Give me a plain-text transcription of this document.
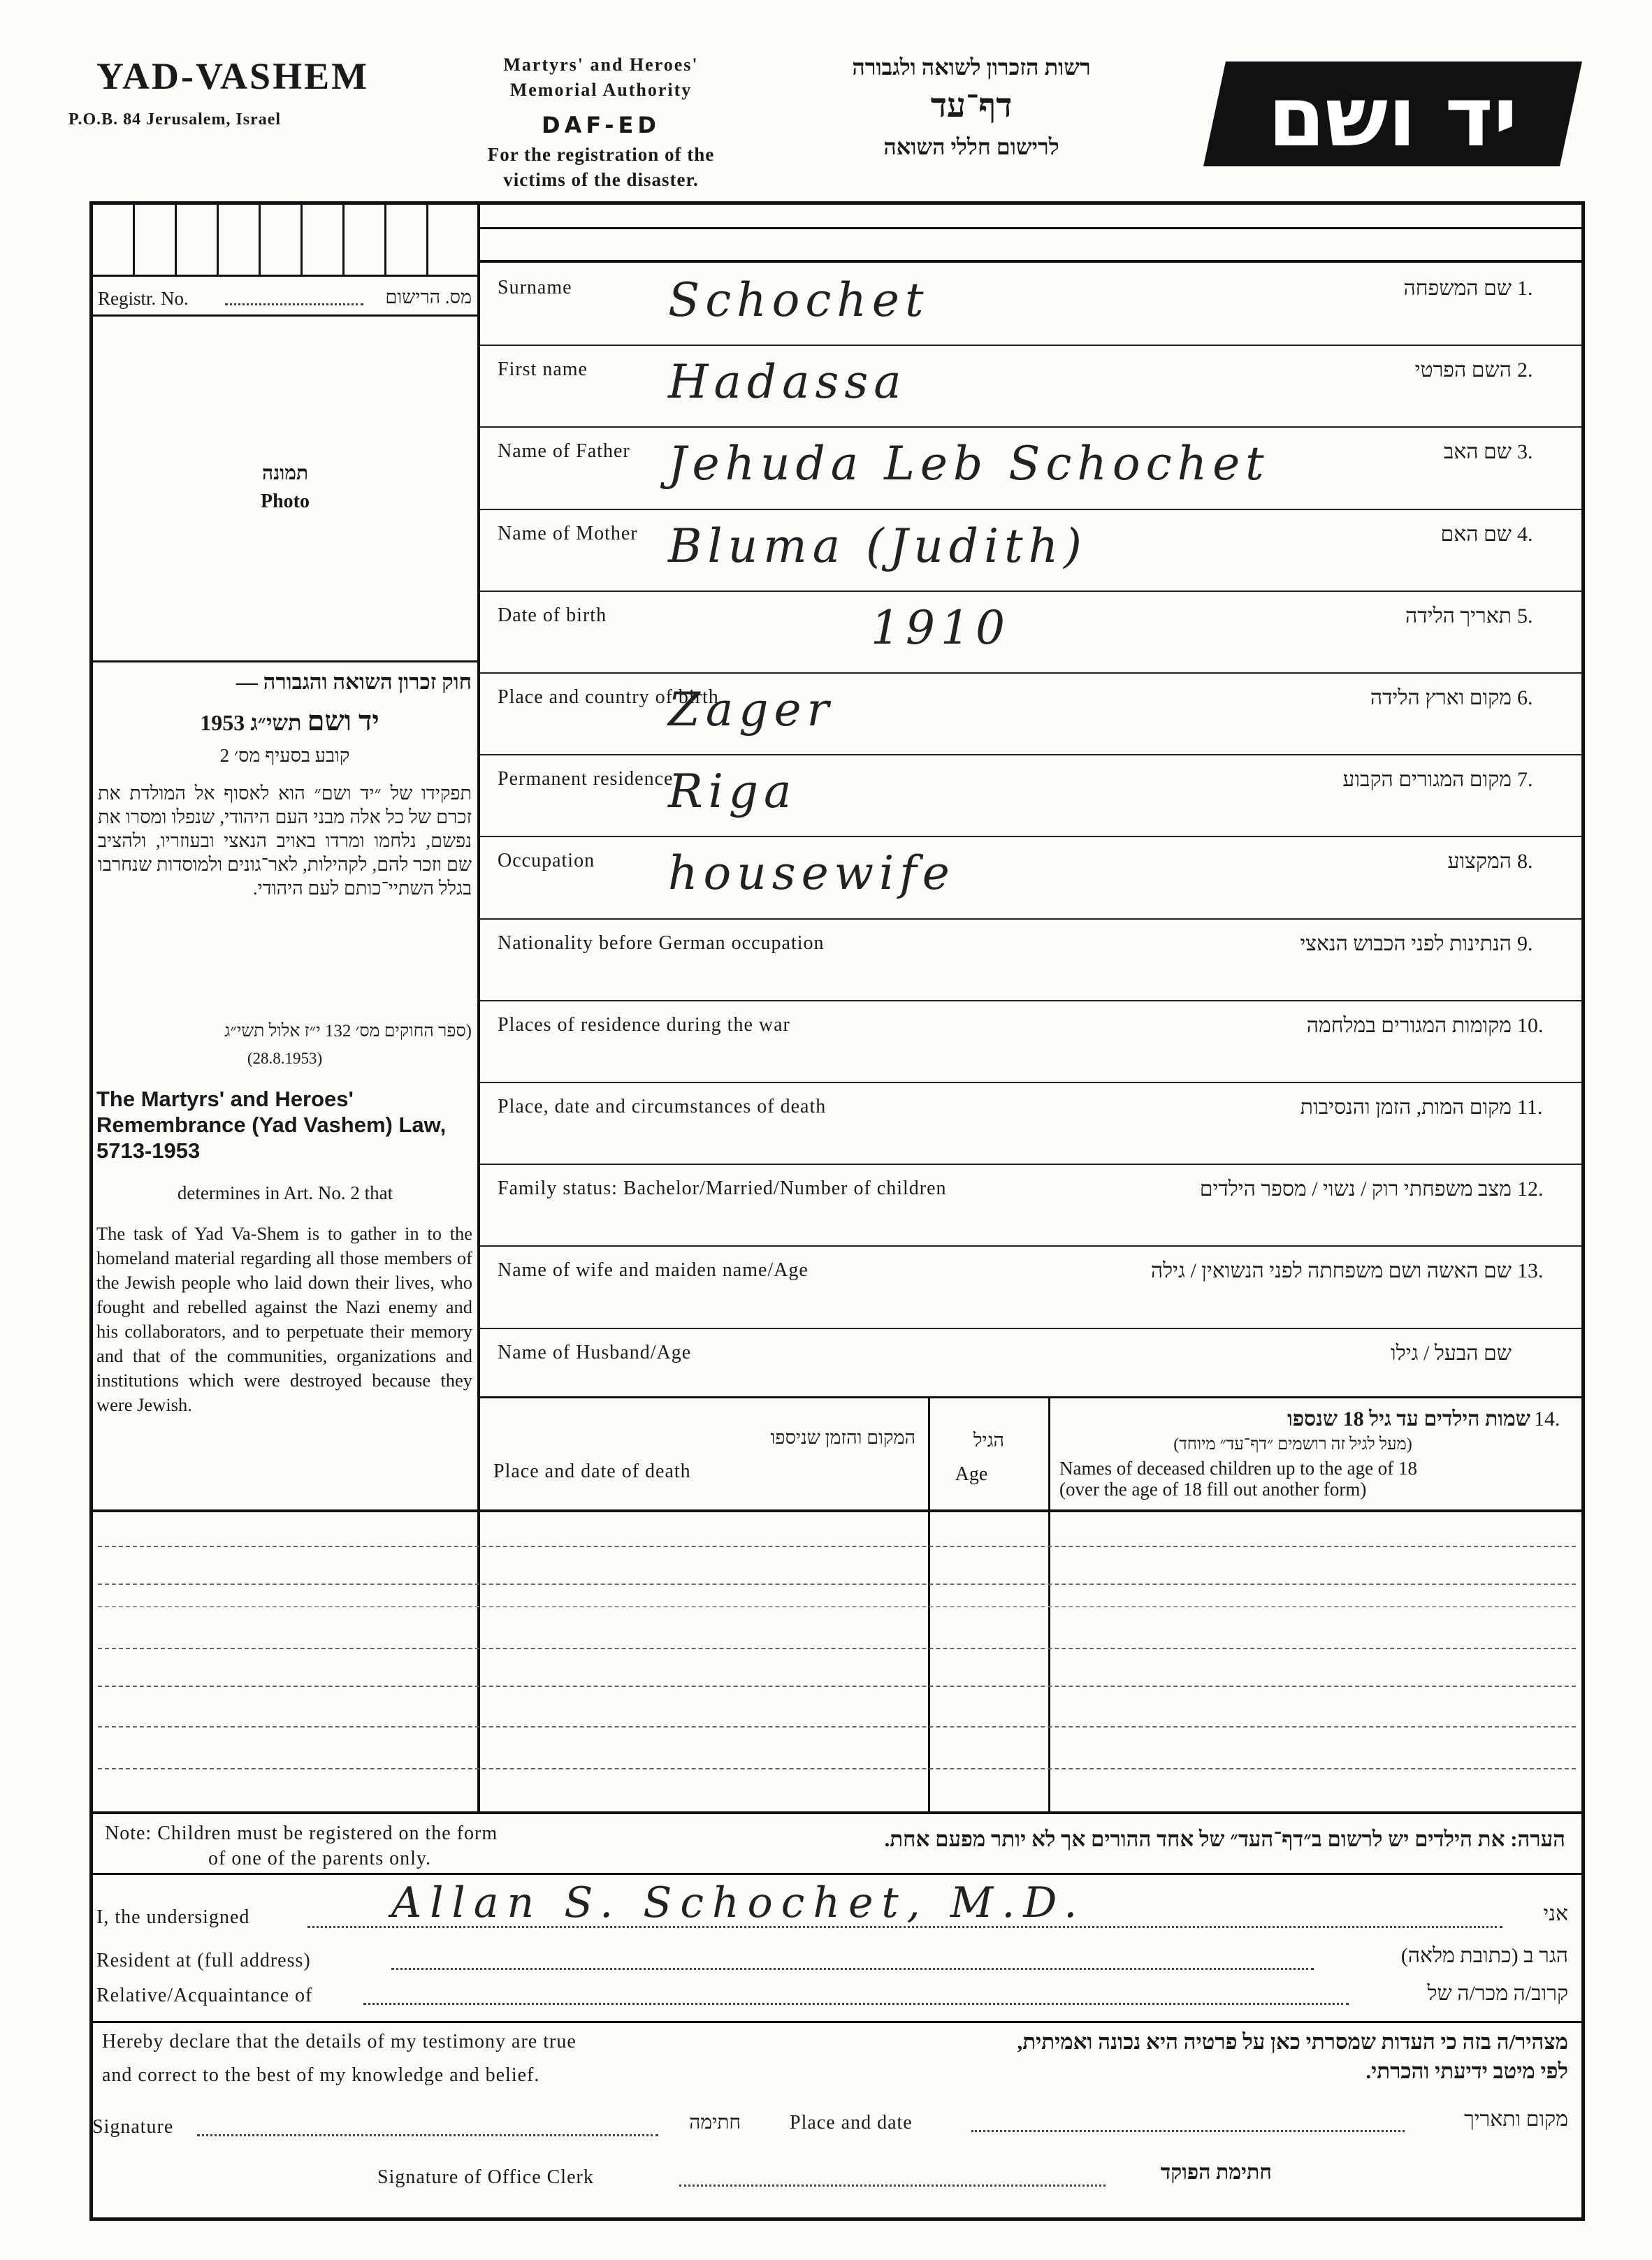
YAD-VASHEM
P.O.B. 84 Jerusalem, Israel
Martyrs' and Heroes'
Memorial Authority
DAF-ED
For the registration of the
victims of the disaster.
רשות הזכרון לשואה ולגבורה
דף־עד
לרישום חללי השואה	יד ושם
Registr. No.	מס. הרישום
תמונה
Photo
חוק זכרון השואה והגבורה —
יד ושם תשי״ג 1953
קובע בסעיף מס׳ 2
תפקידו של ״יד ושם״ הוא לאסוף אל המולדת את זכרם של כל אלה מבני העם היהודי, שנפלו ומסרו את נפשם, נלחמו ומרדו באויב הנאצי ובעוזריו, ולהציב שם וזכר להם, לקהילות, לאר־גונים ולמוסדות שנחרבו בגלל השתיי־כותם לעם היהודי.
(ספר החוקים מס׳ 132 י״ז אלול תשי״ג
(28.8.1953)
The Martyrs' and Heroes' Remembrance (Yad Vashem) Law, 5713-1953
determines in Art. No. 2 that
The task of Yad Va-Shem is to gather in to the homeland material regarding all those members of the Jewish people who laid down their lives, who fought and rebelled against the Nazi enemy and his collaborators, and to perpetuate their memory and that of the communities, organizations and institutions which were destroyed because they were Jewish.
Surname	שם המשפחה 1.
Schochet
First name	השם הפרטי 2.
Hadassa
Name of Father	שם האב 3.
Jehuda Leb Schochet
Name of Mother	שם האם 4.
Bluma (Judith)
Date of birth	תאריך הלידה 5.
1910
Place and country of birth	מקום וארץ הלידה 6.
Zager
Permanent residence	מקום המגורים הקבוע 7.
Riga
Occupation	המקצוע 8.
housewife
Nationality before German occupation	הנתינות לפני הכבוש הנאצי 9.
Places of residence during the war	מקומות המגורים במלחמה 10.
Place, date and circumstances of death	מקום המות, הזמן והנסיבות 11.
Family status: Bachelor/Married/Number of children	מצב משפחתי רוק / נשוי / מספר הילדים 12.
Name of wife and maiden name/Age	שם האשה ושם משפחתה לפני הנשואין / גילה 13.
Name of Husband/Age	שם הבעל / גילו
המקום והזמן שניספו
Place and date of death
הגיל
Age
14.
שמות הילדים עד גיל 18 שנספו
(מעל לגיל זה רושמים ״דף־עד״ מיוחד)
Names of deceased children up to the age of 18
(over the age of 18 fill out another form)
Note: Children must be registered on the form
of one of the parents only.
הערה: את הילדים יש לרשום ב״דף־העד״ של אחד ההורים אך לא יותר מפעם אחת.
I, the undersigned	Allan S. Schochet, M.D.	אני
Resident at (full address)	הגר ב (כתובת מלאה)
Relative/Acquaintance of	קרוב/ה מכר/ה של
Hereby declare that the details of my testimony are true
and correct to the best of my knowledge and belief.
מצהיר/ה בזה כי העדות שמסרתי כאן על פרטיה היא נכונה ואמיתית,
לפי מיטב ידיעתי והכרתי.
Signature	חתימה	Place and date	מקום ותאריך
Signature of Office Clerk	חתימת הפוקד
